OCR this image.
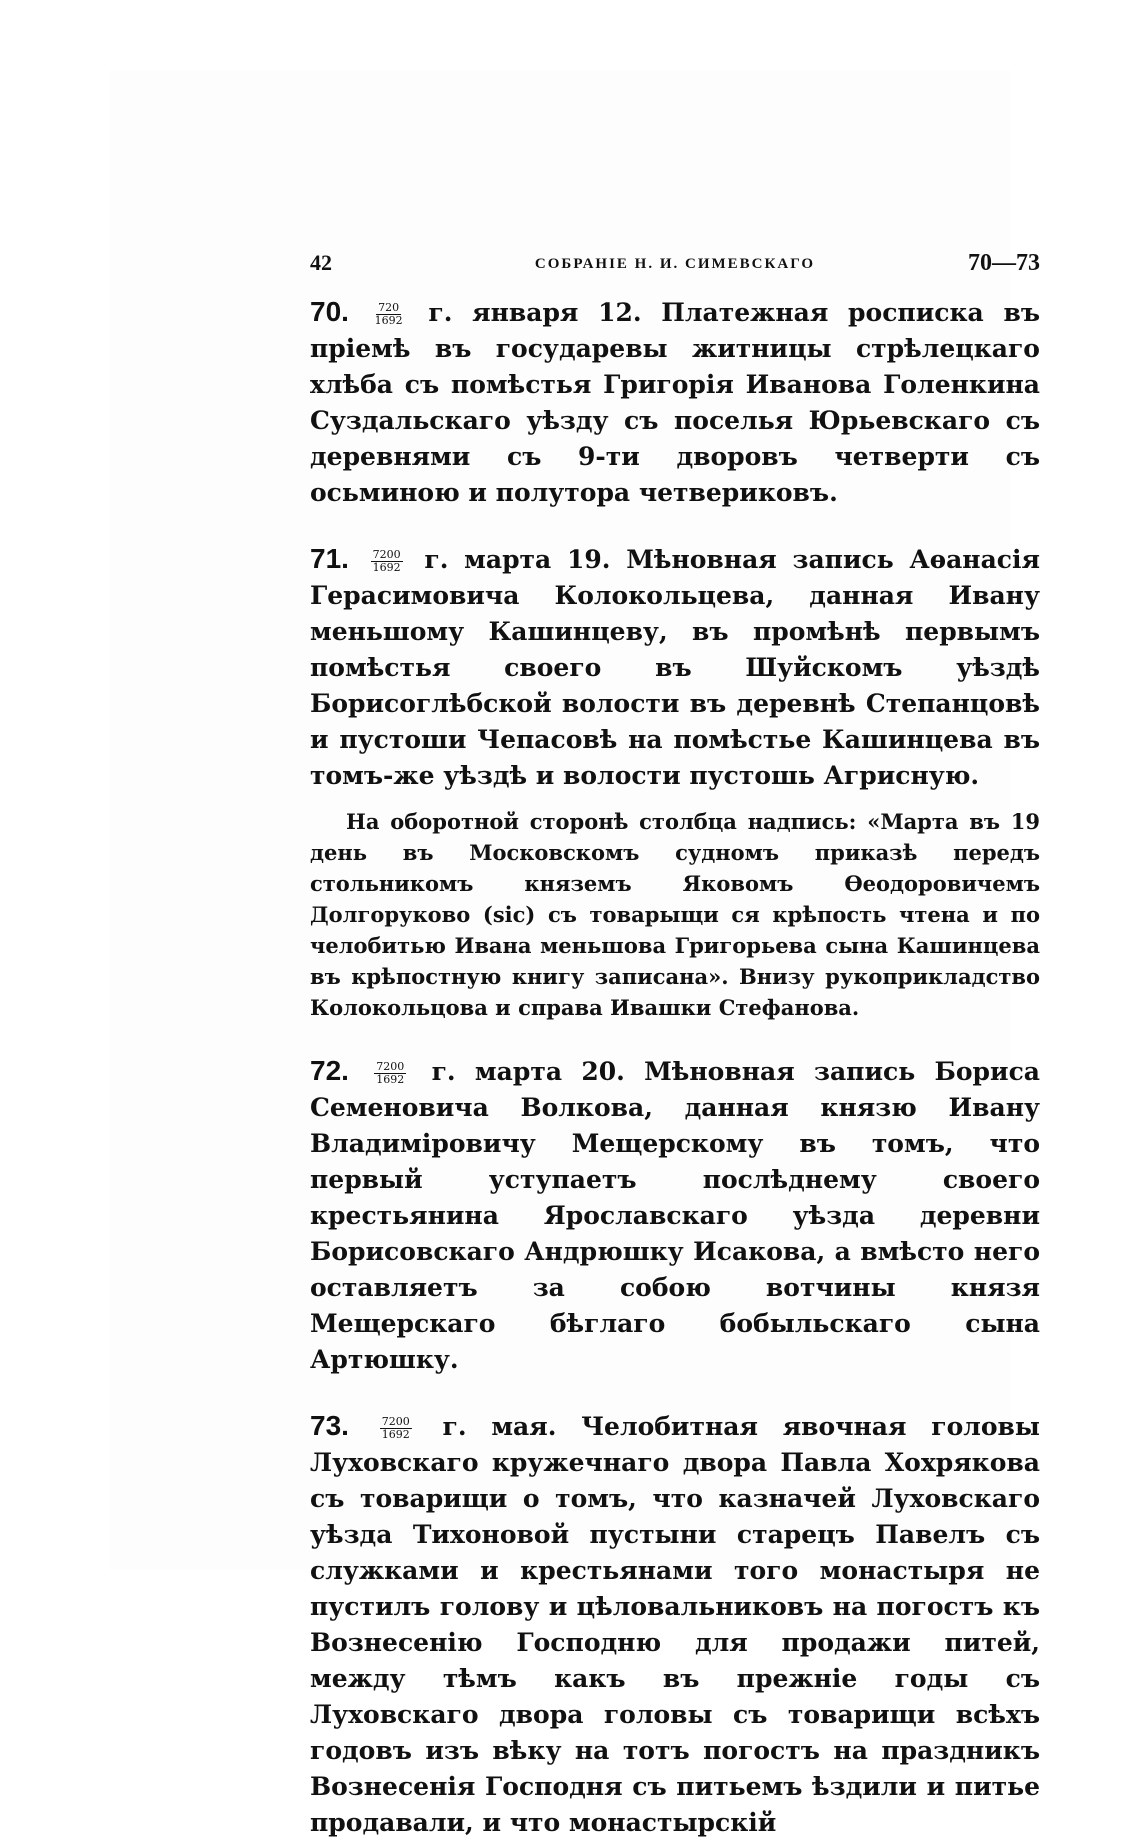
42	СОБРАНІЕ Н. И. СИМЕВСКАГО	70—73

70. $\frac{720}{1692} г$. января 12. Платежная роспиcка въ пріемѣ въ государевы житницы стрѣлецкаго хлѣба съ помѣстья Григорія Иванова Голенкина Суздальскаго уѣзду съ поселья Юрьевскаго съ деревнями съ 9-ти дворовъ четверти съ осьминою и полутора четвериковъ.

71. $\frac{7200}{1692} г$. марта 19. Мѣновная запись Аѳанасія Герасимовича Колокольцева, данная Ивану меньшому Кашинцеву, въ промѣнѣ первымъ помѣстья своего въ Шуйскомъ уѣздѣ Борисоглѣбской волости въ деревнѣ Степанцовѣ и пустоши Чепасовѣ на помѣстье Кашинцева въ томъ-же уѣздѣ и волости пустошь Агрисную.

На оборотной сторонѣ столбца надпись: «Марта въ 19 день въ Московскомъ судномъ приказѣ передъ стольникомъ княземъ Яковомъ Ѳеодоровичемъ Долгоруково (sic) съ товарыщи ся крѣпость чтена и по челобитью Ивана меньшова Григорьева сына Кашинцева въ крѣпостную книгу записана». Внизу рукоприкладство Колокольцова и справа Ивашки Стефанова.

72. $\frac{7200}{1692} г$. марта 20. Мѣновная запись Бориса Семеновича Волкова, данная князю Ивану Владиміровичу Мещерскому въ томъ, что первый уступаетъ послѣднему своего крестьянина Ярославскаго уѣзда деревни Борисовскаго Андрюшку Исакова, а вмѣсто него оставляетъ за собою вотчины князя Мещерскаго бѣглаго бобыльскаго сына Артюшку.

73.	$\frac{7200}{1692} г$. мая. Челобитная явочная головы Луховскаго кружечнаго двора Павла Хохрякова съ товарищи о томъ, что казначей Луховскаго уѣзда Тихоновой пустыни старецъ Павелъ съ служками и крестьянами того монастыря не пустилъ голову и цѣловальниковъ на погостъ къ Вознесенію Господню для продажи питей, между тѣмъ какъ въ прежніе годы съ Луховскаго двора головы съ товарищи всѣхъ годовъ изъ вѣку на тотъ погостъ на праздникъ Вознесенія Господня съ питьемъ ѣздили и питье продавали, и что монастырскій
